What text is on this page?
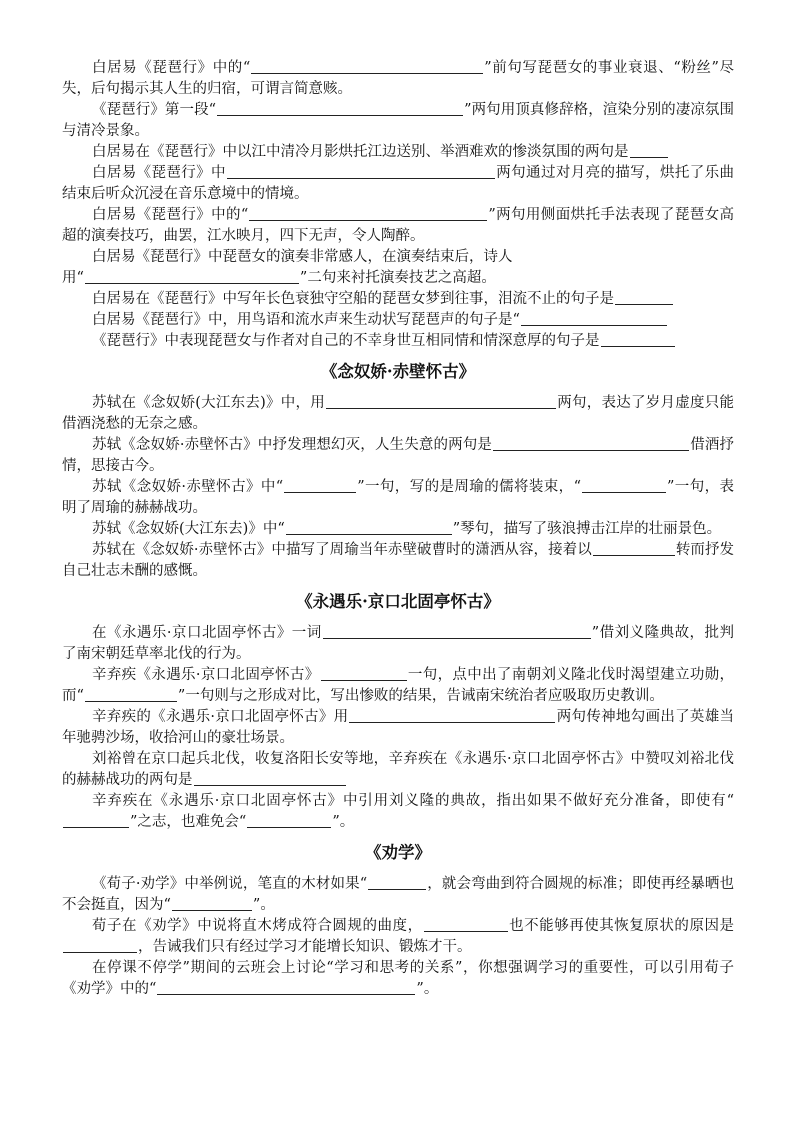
白居易《琵琶行》中的“	”前句写琵琶女的事业衰退、“粉丝”尽失，后句揭示其人生的归宿，可谓言简意赅。

《琵琶行》第一段“	”两句用顶真修辞格，渲染分别的凄凉氛围与清冷景象。

白居易在《琵琶行》中以江中清冷月影烘托江边送别、举酒难欢的惨淡氛围的两句是

白居易《琵琶行》中	两句通过对月亮的描写，烘托了乐曲结束后听众沉浸在音乐意境中的情境。

白居易《琵琶行》中的“	”两句用侧面烘托手法表现了琵琶女高超的演奏技巧，曲罢，江水映月，四下无声，令人陶醉。

白居易《琵琶行》中琵琶女的演奏非常感人，在演奏结束后，诗人

用“	”二句来衬托演奏技艺之高超。

白居易在《琵琶行》中写年长色衰独守空船的琵琶女梦到往事，泪流不止的句子是

白居易《琵琶行》中，用鸟语和流水声来生动状写琵琶声的句子是“

《琵琶行》中表现琵琶女与作者对自己的不幸身世互相同情和情深意厚的句子是

《念奴娇·赤壁怀古》

苏轼在《念奴娇(大江东去)》中，用	两句，表达了岁月虚度只能借酒浇愁的无奈之感。

苏轼《念奴娇·赤壁怀古》中抒发理想幻灭，人生失意的两句是	借酒抒情，思接古今。

苏轼《念奴娇·赤壁怀古》中“	”一句，写的是周瑜的儒将装束，“	”一句，表明了周瑜的赫赫战功。

苏轼《念奴娇(大江东去)》中“	”琴句，描写了骇浪搏击江岸的壮丽景色。

苏轼在《念奴娇·赤壁怀古》中描写了周瑜当年赤壁破曹时的潇洒从容，接着以	转而抒发自己壮志未酬的感慨。

《永遇乐·京口北固亭怀古》

在《永遇乐·京口北固亭怀古》一词	”借刘义隆典故，批判了南宋朝廷草率北伐的行为。

辛弃疾《永遇乐·京口北固亭怀古》	一句，点中出了南朝刘义隆北伐时渴望建立功勋，而“	”一句则与之形成对比，写出惨败的结果，告诫南宋统治者应吸取历史教训。

辛弃疾的《永遇乐·京口北固亭怀古》用	两句传神地勾画出了英雄当年驰骋沙场，收拾河山的豪壮场景。

刘裕曾在京口起兵北伐，收复洛阳长安等地，辛弃疾在《永遇乐·京口北固亭怀古》中赞叹刘裕北伐的赫赫战功的两句是

辛弃疾在《永遇乐·京口北固亭怀古》中引用刘义隆的典故，指出如果不做好充分准备，即使有“”之志，也难免会“	”。

《劝学》

《荀子·劝学》中举例说，笔直的木材如果“	，就会弯曲到符合圆规的标准；即使再经暴晒也不会挺直，因为“	”。

荀子在《劝学》中说将直木烤成符合圆规的曲度，	也不能够再使其恢复原状的原因是，告诫我们只有经过学习才能增长知识、锻炼才干。

在停课不停学”期间的云班会上讨论“学习和思考的关系”，你想强调学习的重要性，可以引用荀子《劝学》中的“	”。
